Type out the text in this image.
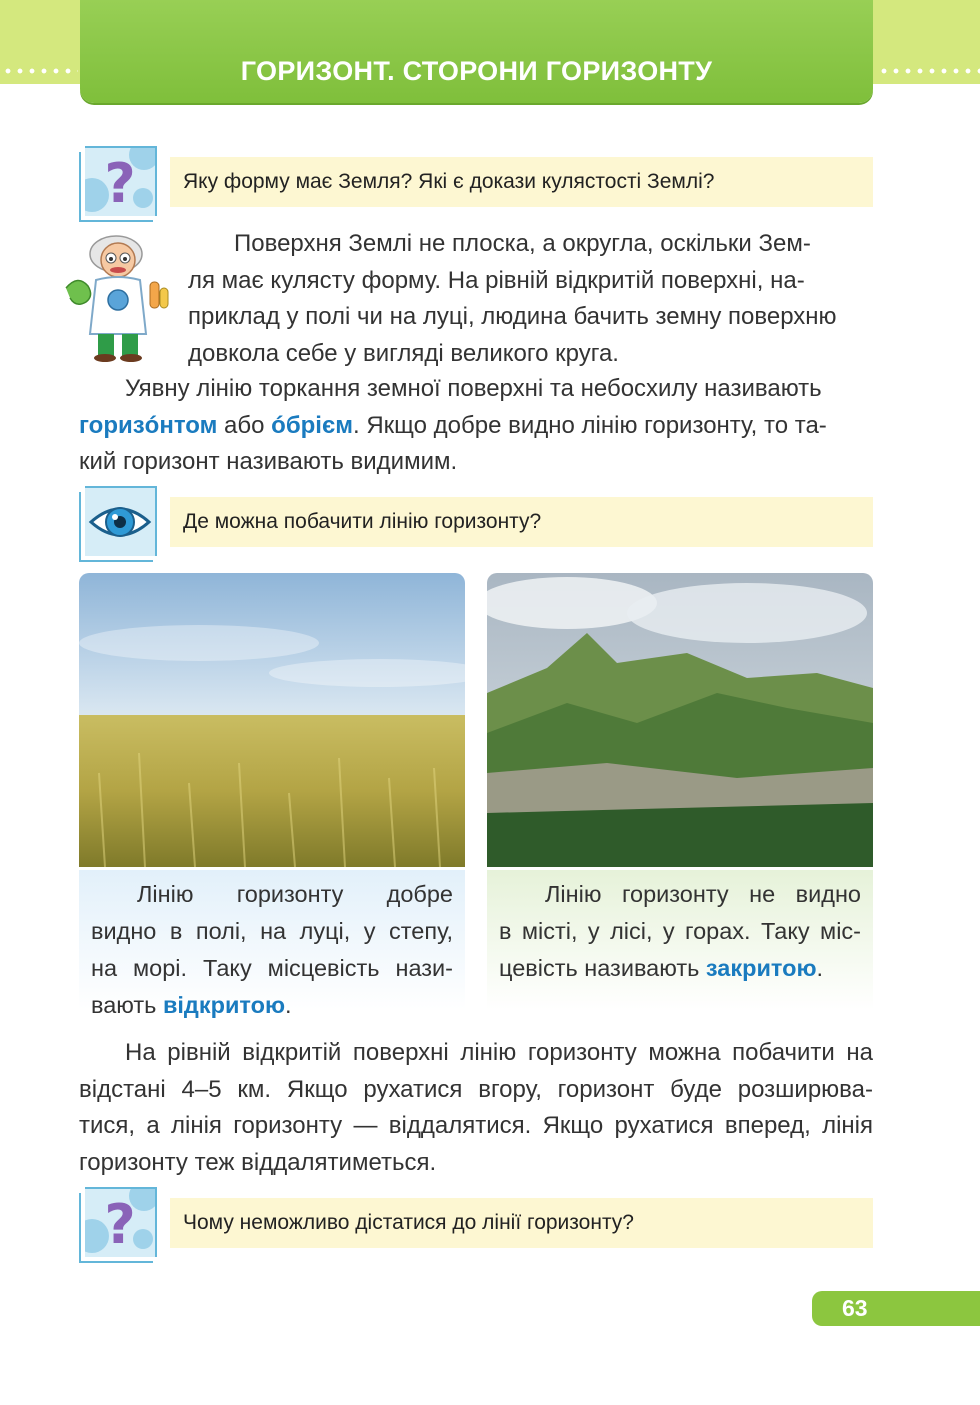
ГОРИЗОНТ. СТОРОНИ ГОРИЗОНТУ
?	Яку форму має Земля? Які є докази кулястості Землі?

Поверхня Землі не плоска, а округла, оскільки Зем-
ля має кулясту форму. На рівній відкритій поверхні, на-
приклад у полі чи на луці, людина бачить земну поверхню
довкола себе у вигляді великого круга.

Уявну лінію торкання земної поверхні та небосхилу називають
горизóнтом або óбрієм. Якщо добре видно лінію горизонту, то та-
кий горизонт називають видимим.

Де можна побачити лінію горизонту?
Лінію горизонту добре
видно в полі, на луці, у степу,
на морі. Таку місцевість нази-
вають відкритою.
Лінію горизонту не видно
в місті, у лісі, у горах. Таку міс-
цевість називають закритою.

На рівній відкритій поверхні лінію горизонту можна побачити на
відстані 4–5 км. Якщо рухатися вгору, горизонт буде розширюва-
тися, а лінія горизонту — віддалятися. Якщо рухатися вперед, лінія
горизонту теж віддалятиметься.

?	Чому неможливо дістатися до лінії горизонту?
63
